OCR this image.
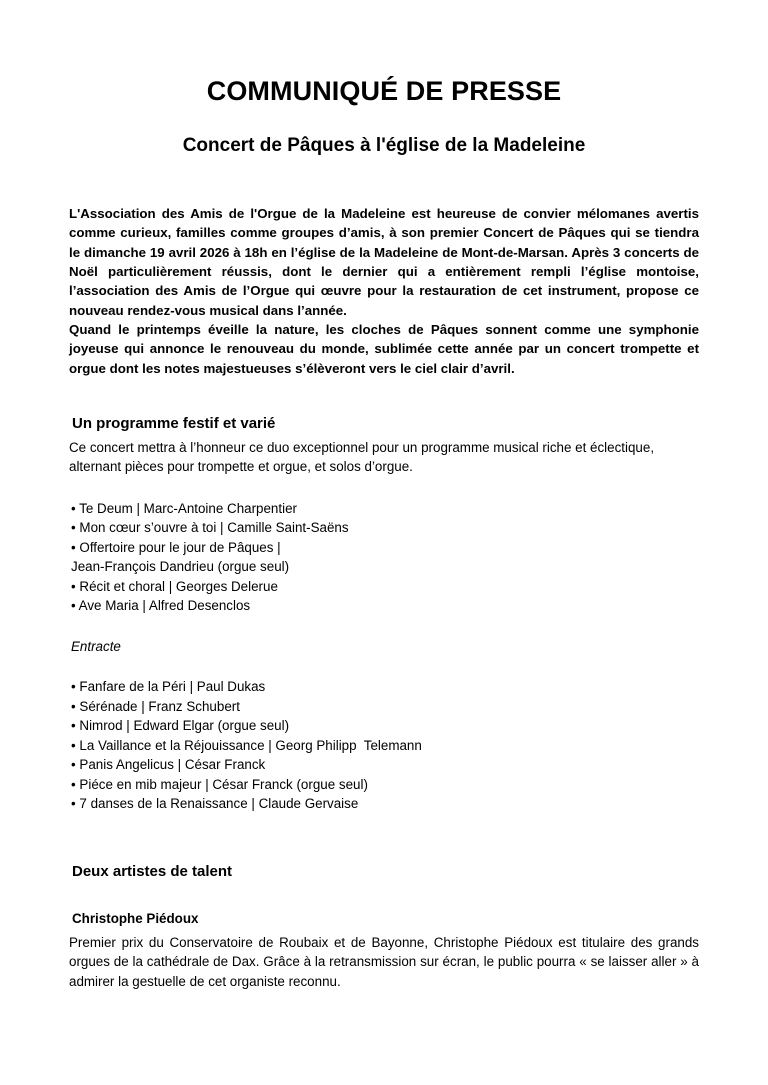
COMMUNIQUÉ DE PRESSE
Concert de Pâques à l'église de la Madeleine

L'Association des Amis de l'Orgue de la Madeleine est heureuse de convier mélomanes avertis comme curieux, familles comme groupes d’amis, à son premier Concert de Pâques qui se tiendra le dimanche 19 avril 2026 à 18h en l’église de la Madeleine de Mont-de-Marsan. Après 3 concerts de Noël particulièrement réussis, dont le dernier qui a entièrement rempli l’église montoise, l’association des Amis de l’Orgue qui œuvre pour la restauration de cet instrument, propose ce nouveau rendez-vous musical dans l’année.

Quand le printemps éveille la nature, les cloches de Pâques sonnent comme une symphonie joyeuse qui annonce le renouveau du monde, sublimée cette année par un concert trompette et orgue dont les notes majestueuses s’élèveront vers le ciel clair d’avril.

Un programme festif et varié

Ce concert mettra à l’honneur ce duo exceptionnel pour un programme musical riche et éclectique, alternant pièces pour trompette et orgue, et solos d’orgue.

• Te Deum | Marc-Antoine Charpentier
• Mon cœur s’ouvre à toi | Camille Saint-Saëns
• Offertoire pour le jour de Pâques |
Jean-François Dandrieu (orgue seul)
• Récit et choral | Georges Delerue
• Ave Maria | Alfred Desenclos

Entracte

• Fanfare de la Péri | Paul Dukas
• Sérénade | Franz Schubert
• Nimrod | Edward Elgar (orgue seul)
• La Vaillance et la Réjouissance | Georg Philipp  Telemann
• Panis Angelicus | César Franck
• Piéce en mib majeur | César Franck (orgue seul)
• 7 danses de la Renaissance | Claude Gervaise
Deux artistes de talent

Christophe Piédoux

Premier prix du Conservatoire de Roubaix et de Bayonne, Christophe Piédoux est titulaire des grands orgues de la cathédrale de Dax. Grâce à la retransmission sur écran, le public pourra « se laisser aller » à admirer la gestuelle de cet organiste reconnu.
